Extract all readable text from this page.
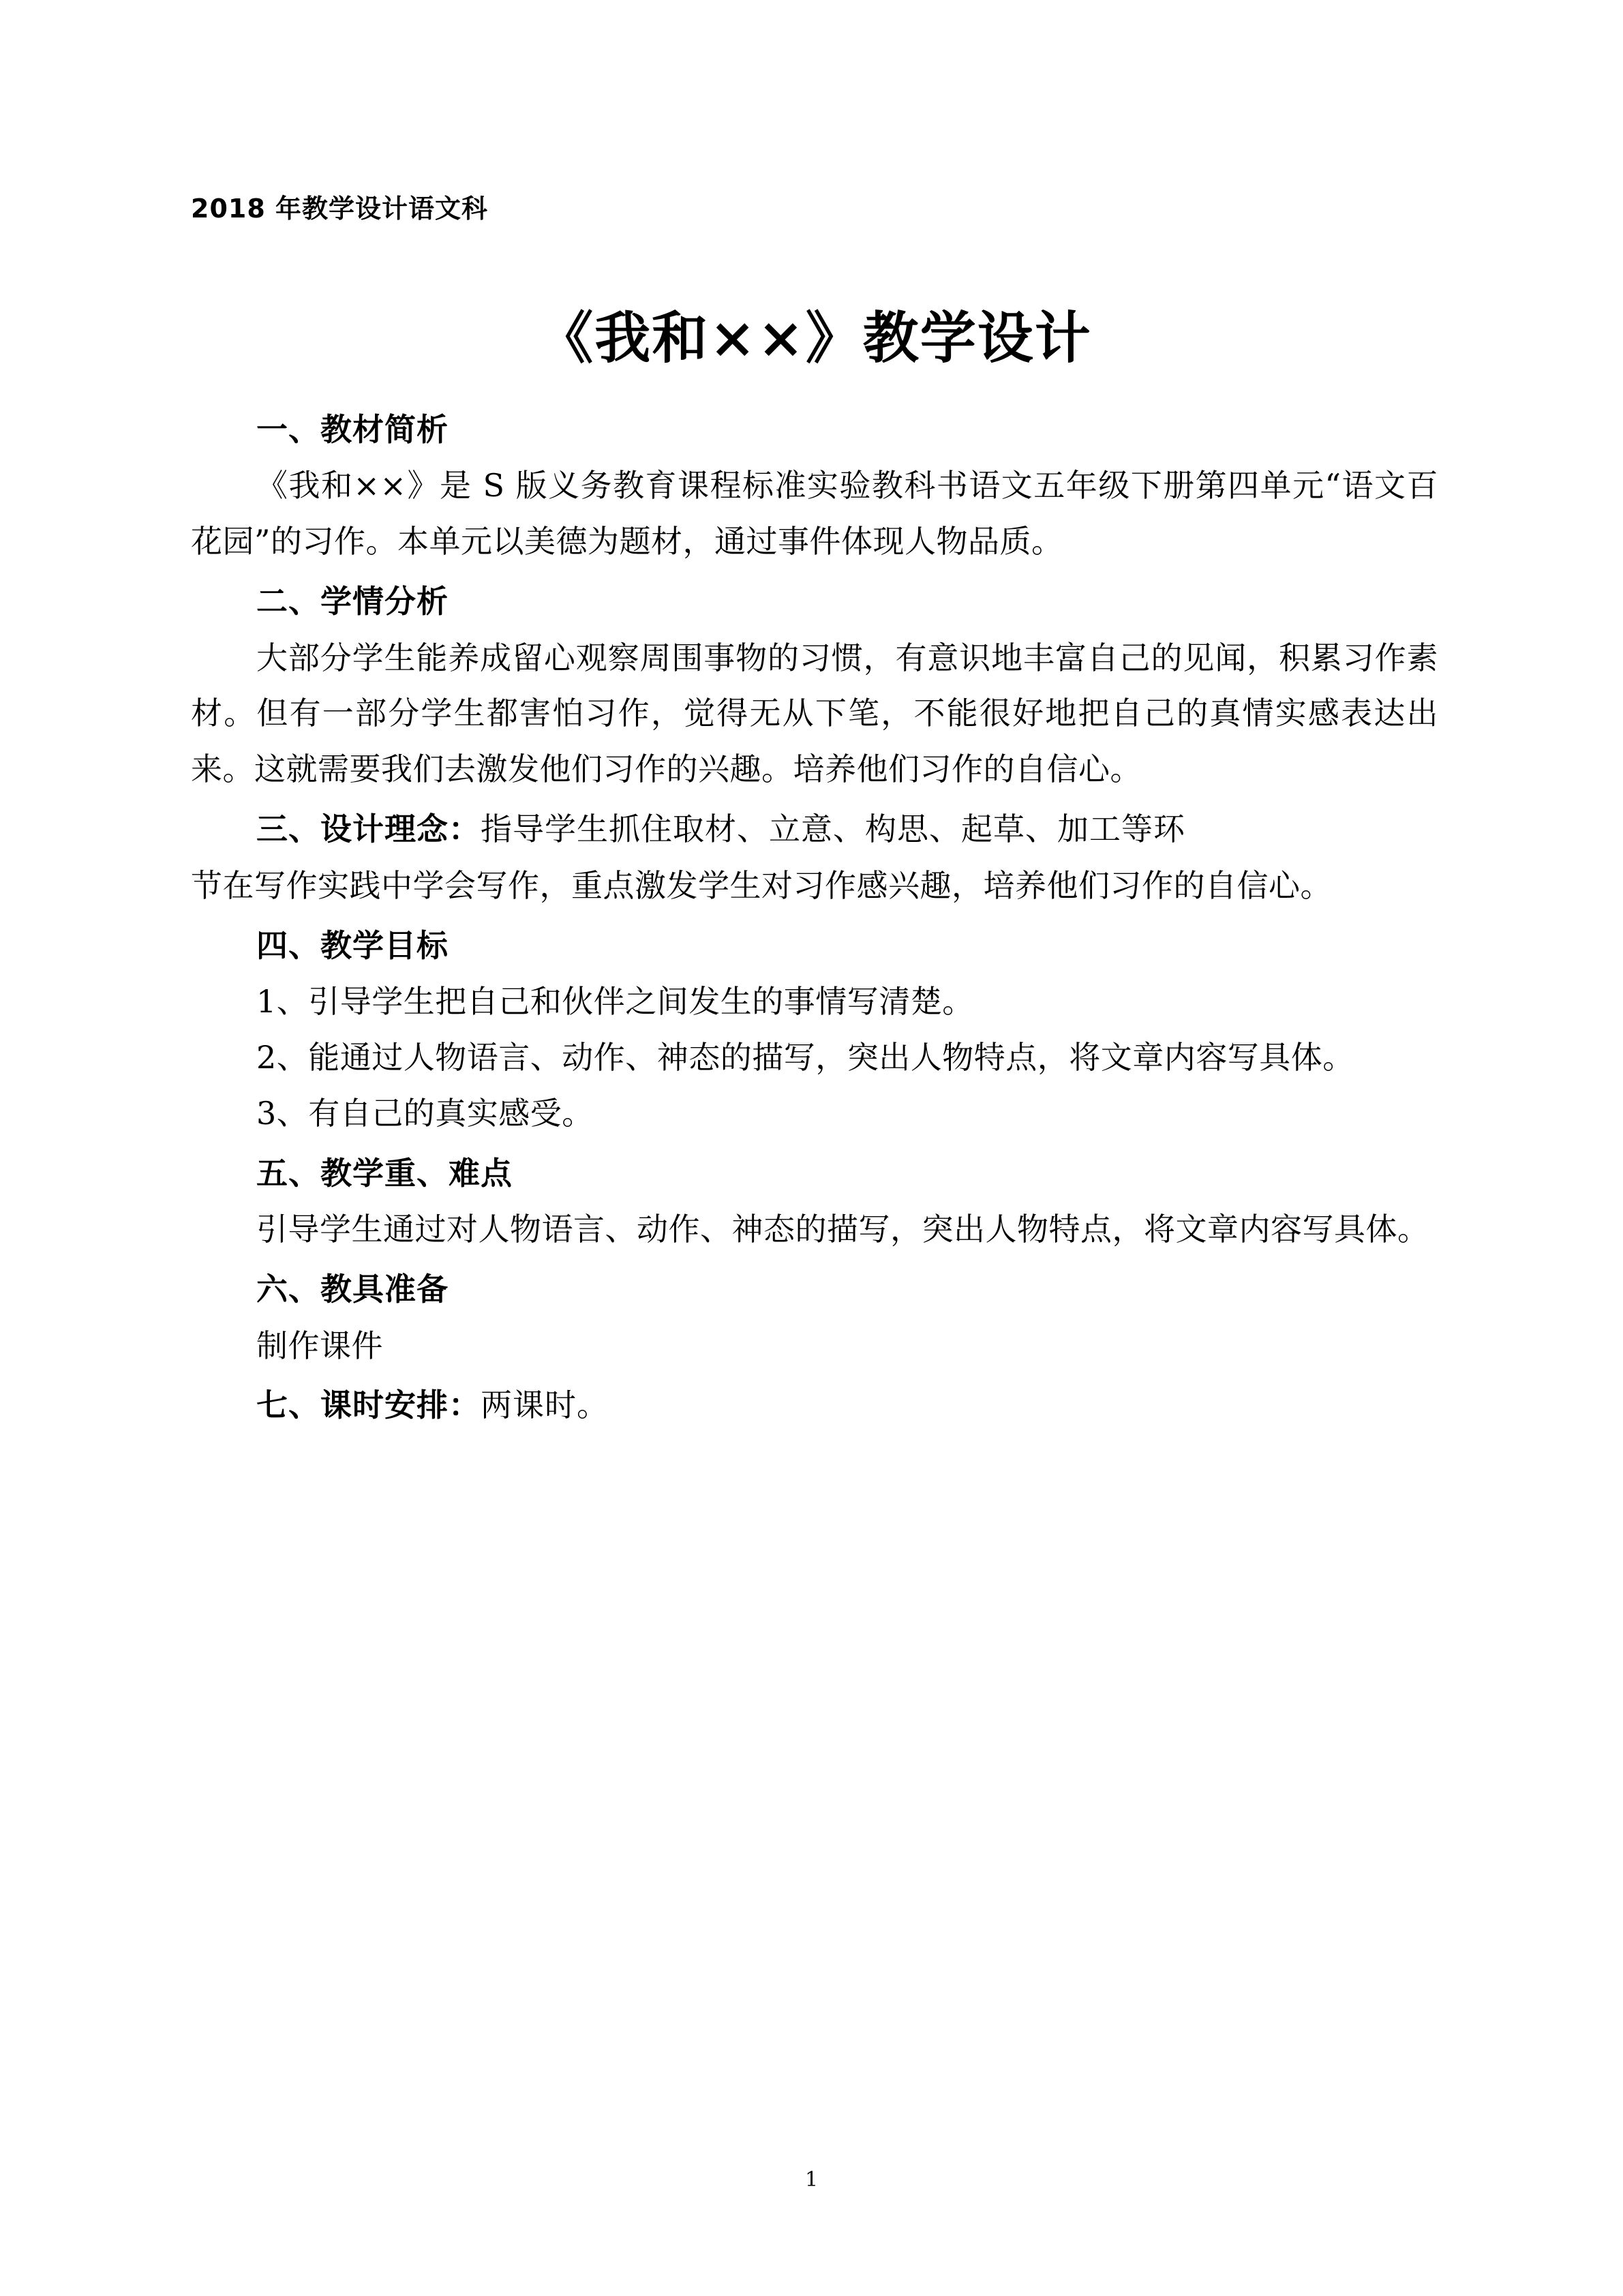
2018 年教学设计语文科
《我和××》教学设计
一、教材简析

《我和××》是 S 版义务教育课程标准实验教科书语文五年级下册第四单元“语文百花园”的习作。本单元以美德为题材，通过事件体现人物品质。

二、学情分析

大部分学生能养成留心观察周围事物的习惯，有意识地丰富自己的见闻，积累习作素材。但有一部分学生都害怕习作，觉得无从下笔，不能很好地把自己的真情实感表达出来。这就需要我们去激发他们习作的兴趣。培养他们习作的自信心。

三、设计理念：指导学生抓住取材、立意、构思、起草、加工等环

节在写作实践中学会写作，重点激发学生对习作感兴趣，培养他们习作的自信心。

四、教学目标

1、引导学生把自己和伙伴之间发生的事情写清楚。

2、能通过人物语言、动作、神态的描写，突出人物特点，将文章内容写具体。

3、有自己的真实感受。

五、教学重、难点

引导学生通过对人物语言、动作、神态的描写，突出人物特点，将文章内容写具体。

六、教具准备

制作课件

七、课时安排：两课时。
1
